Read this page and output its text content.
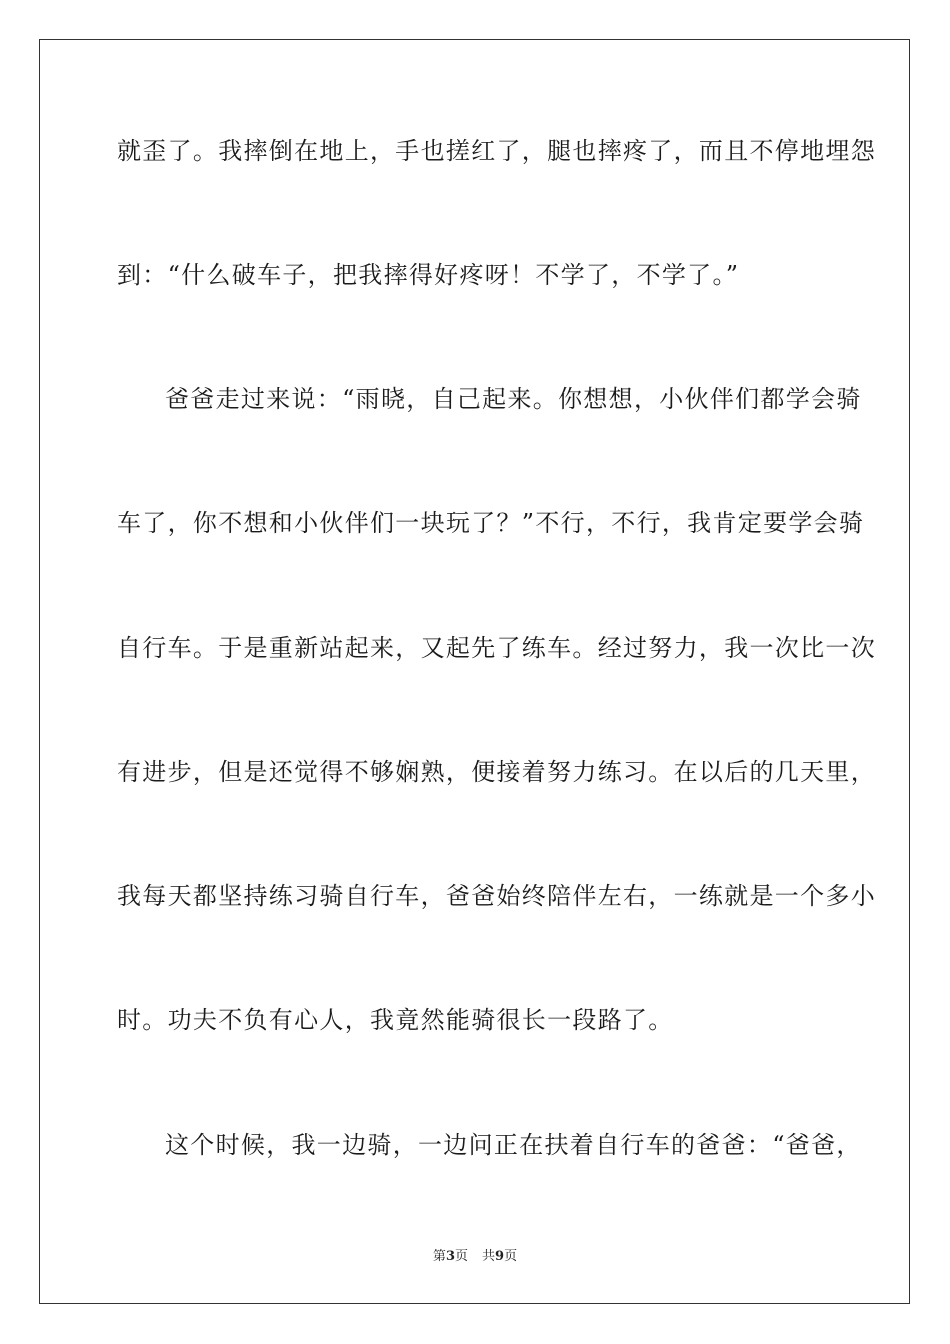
就歪了。我摔倒在地上，手也搓红了，腿也摔疼了，而且不停地埋怨
到：“什么破车子，把我摔得好疼呀！不学了，不学了。”
爸爸走过来说：“雨晓，自己起来。你想想，小伙伴们都学会骑
车了，你不想和小伙伴们一块玩了？”不行，不行，我肯定要学会骑
自行车。于是重新站起来，又起先了练车。经过努力，我一次比一次
有进步，但是还觉得不够娴熟，便接着努力练习。在以后的几天里，
我每天都坚持练习骑自行车，爸爸始终陪伴左右，一练就是一个多小
时。功夫不负有心人，我竟然能骑很长一段路了。
这个时候，我一边骑，一边问正在扶着自行车的爸爸：“爸爸，
第3页 共9页
